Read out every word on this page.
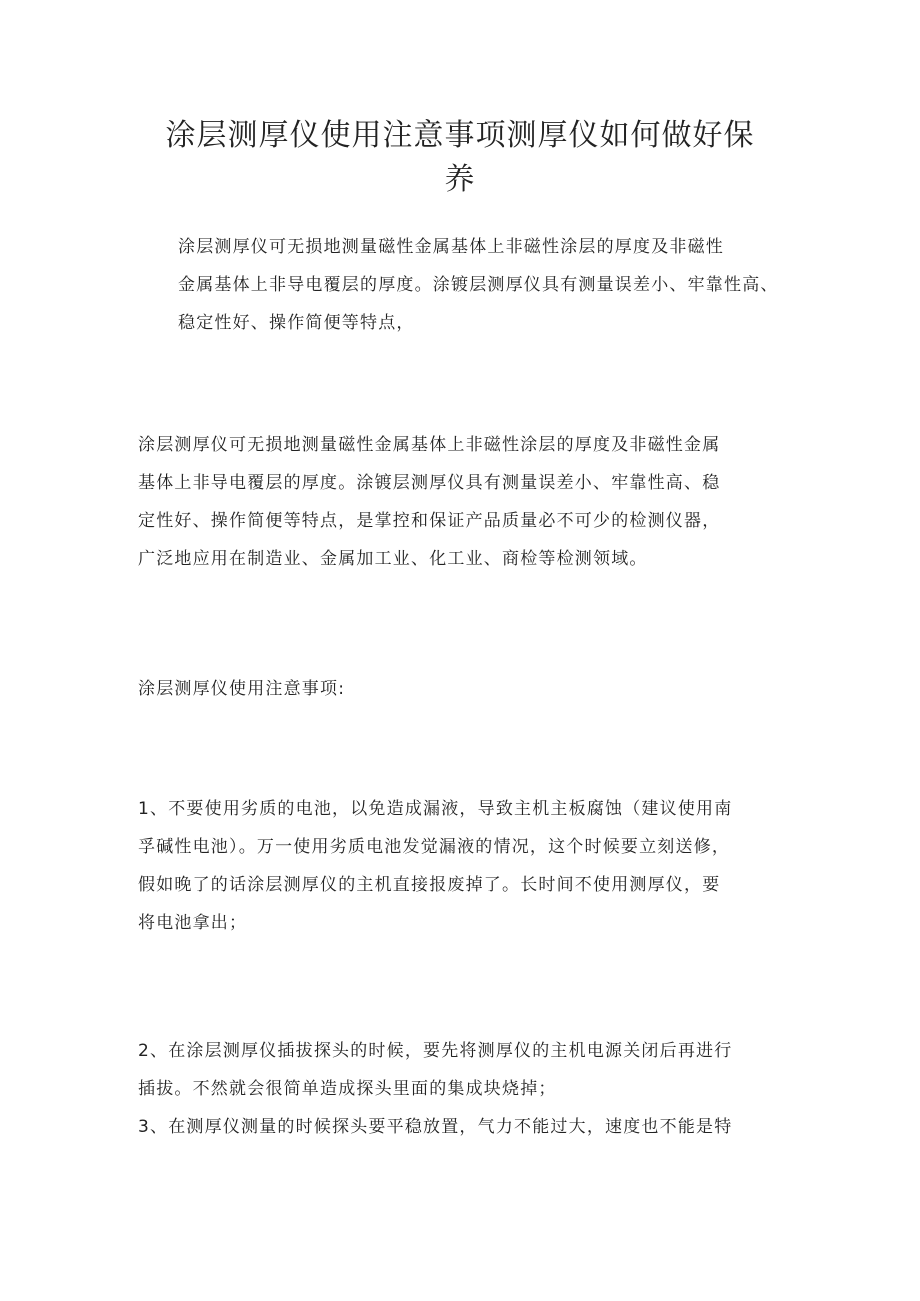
涂层测厚仪使用注意事项测厚仪如何做好保
养

涂层测厚仪可无损地测量磁性金属基体上非磁性涂层的厚度及非磁性
金属基体上非导电覆层的厚度。涂镀层测厚仪具有测量误差小、牢靠性高、
稳定性好、操作简便等特点，

涂层测厚仪可无损地测量磁性金属基体上非磁性涂层的厚度及非磁性金属
基体上非导电覆层的厚度。涂镀层测厚仪具有测量误差小、牢靠性高、稳
定性好、操作简便等特点，是掌控和保证产品质量必不可少的检测仪器，
广泛地应用在制造业、金属加工业、化工业、商检等检测领域。

涂层测厚仪使用注意事项:

1、不要使用劣质的电池，以免造成漏液，导致主机主板腐蚀（建议使用南
孚碱性电池）。万一使用劣质电池发觉漏液的情况，这个时候要立刻送修，
假如晚了的话涂层测厚仪的主机直接报废掉了。长时间不使用测厚仪，要
将电池拿出；

2、在涂层测厚仪插拔探头的时候，要先将测厚仪的主机电源关闭后再进行
插拔。不然就会很简单造成探头里面的集成块烧掉；
3、在测厚仪测量的时候探头要平稳放置，气力不能过大，速度也不能是特
